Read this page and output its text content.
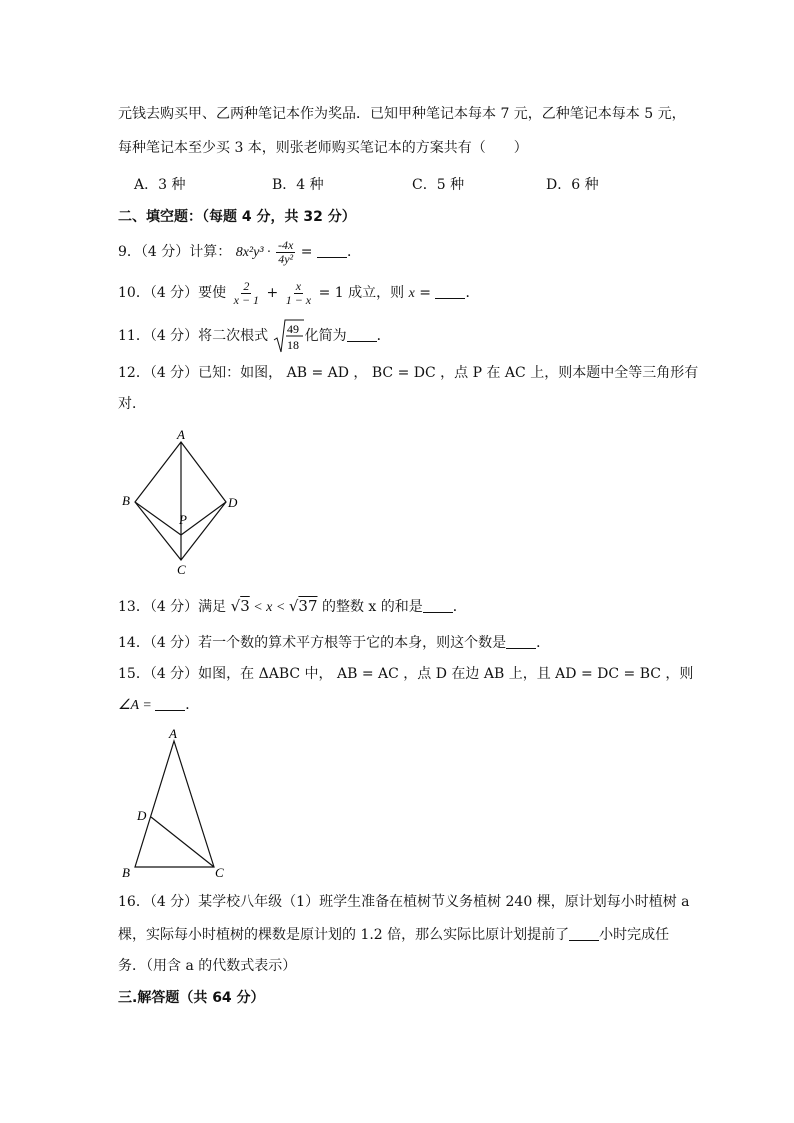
元钱去购买甲、乙两种笔记本作为奖品．已知甲种笔记本每本 7 元，乙种笔记本每本 5 元，
每种笔记本至少买 3 本，则张老师购买笔记本的方案共有（　　）
A．3 种	B．4 种	C．5 种	D．6 种
二、填空题：（每题 4 分，共 32 分）
9．（4 分）计算： $8x^2y^3 \cdot \frac{-4x}{\text{4y²}}$ = ．
10．（4 分）要使 $\frac{2}{x - 1} + \frac{x}{1 - x} = 1$ 成立，则 x = ．
11．（4 分）将二次根式 49
18
化简为 ．
12．（4 分）已知：如图， AB = AD ， BC = DC ，点 P 在 AC 上，则本题中全等三角形有
对．
A
B	D
P
C
13．（4 分）满足 √3 < x < √37 的整数 x 的和是 ．
14．（4 分）若一个数的算术平方根等于它的本身，则这个数是 ．
15．（4 分）如图，在 ΔABC 中， AB = AC ，点 D 在边 AB 上，且 AD = DC = BC ，则
∠A = ．
A
D
B	C
16．（4 分）某学校八年级（1）班学生准备在植树节义务植树 240 棵，原计划每小时植树 a
棵，实际每小时植树的棵数是原计划的 1.2 倍，那么实际比原计划提前了 小时完成任
务．（用含 a 的代数式表示）
三.解答题（共 64 分）
